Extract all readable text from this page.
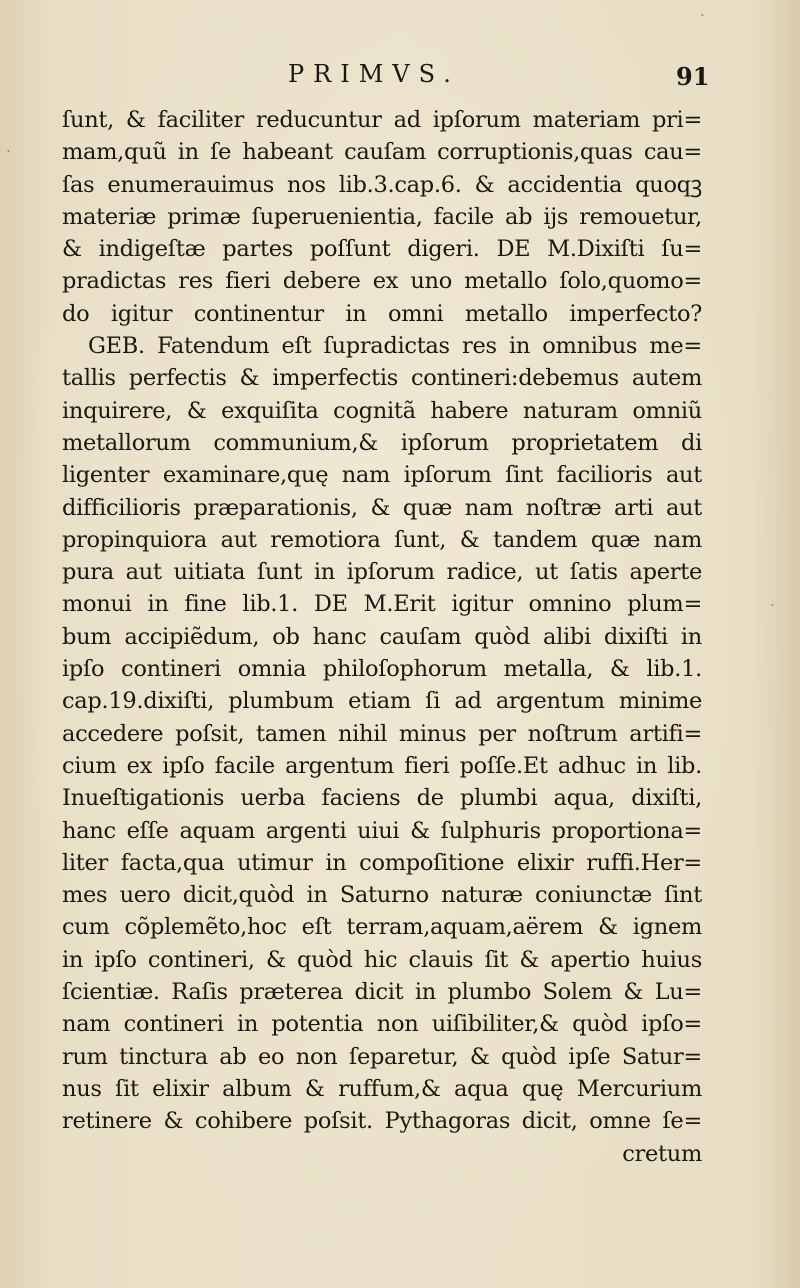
PRIMVS.	91
ſunt, & faciliter reducuntur ad ipſorum materiam pri=
mam,quũ in ſe habeant cauſam corruptionis,quas cau=
ſas enumerauimus nos lib.3.cap.6. & accidentia quoqꝫ
materiæ primæ ſuperuenientia, facile ab ijs remouetur,
& indigeſtæ partes poſſunt digeri. DE M.Dixiſti ſu=
pradictas res fieri debere ex uno metallo ſolo,quomo=
do igitur continentur in omni metallo imperfecto?
GEB. Fatendum eſt ſupradictas res in omnibus me=
tallis perfectis & imperfectis contineri:debemus autem
inquirere, & exquiſita cognitã habere naturam omniũ
metallorum communium,& ipſorum proprietatem di
ligenter examinare,quę nam ipſorum ſint facilioris aut
difficilioris præparationis, & quæ nam noſtræ arti aut
propinquiora aut remotiora ſunt, & tandem quæ nam
pura aut uitiata ſunt in ipſorum radice, ut ſatis aperte
monui in fine lib.1. DE M.Erit igitur omnino plum=
bum accipiẽdum, ob hanc cauſam quòd alibi dixiſti in
ipſo contineri omnia philoſophorum metalla, & lib.1.
cap.19.dixiſti, plumbum etiam ſi ad argentum minime
accedere poſsit, tamen nihil minus per noſtrum artifi=
cium ex ipſo facile argentum fieri poſſe.Et adhuc in lib.
Inueſtigationis uerba faciens de plumbi aqua, dixiſti,
hanc eſſe aquam argenti uiui & ſulphuris proportiona=
liter facta,qua utimur in compoſitione elixir ruffi.Her=
mes uero dicit,quòd in Saturno naturæ coniunctæ ſint
cum cõplemẽto,hoc eſt terram,aquam,aërem & ignem
in ipſo contineri, & quòd hic clauis ſit & apertio huius
ſcientiæ. Raſis præterea dicit in plumbo Solem & Lu=
nam contineri in potentia non uiſibiliter,& quòd ipſo=
rum tinctura ab eo non ſeparetur, & quòd ipſe Satur=
nus ſit elixir album & ruffum,& aqua quę Mercurium
retinere & cohibere poſsit. Pythagoras dicit, omne ſe=
cretum
⋅
⋅
⋅
